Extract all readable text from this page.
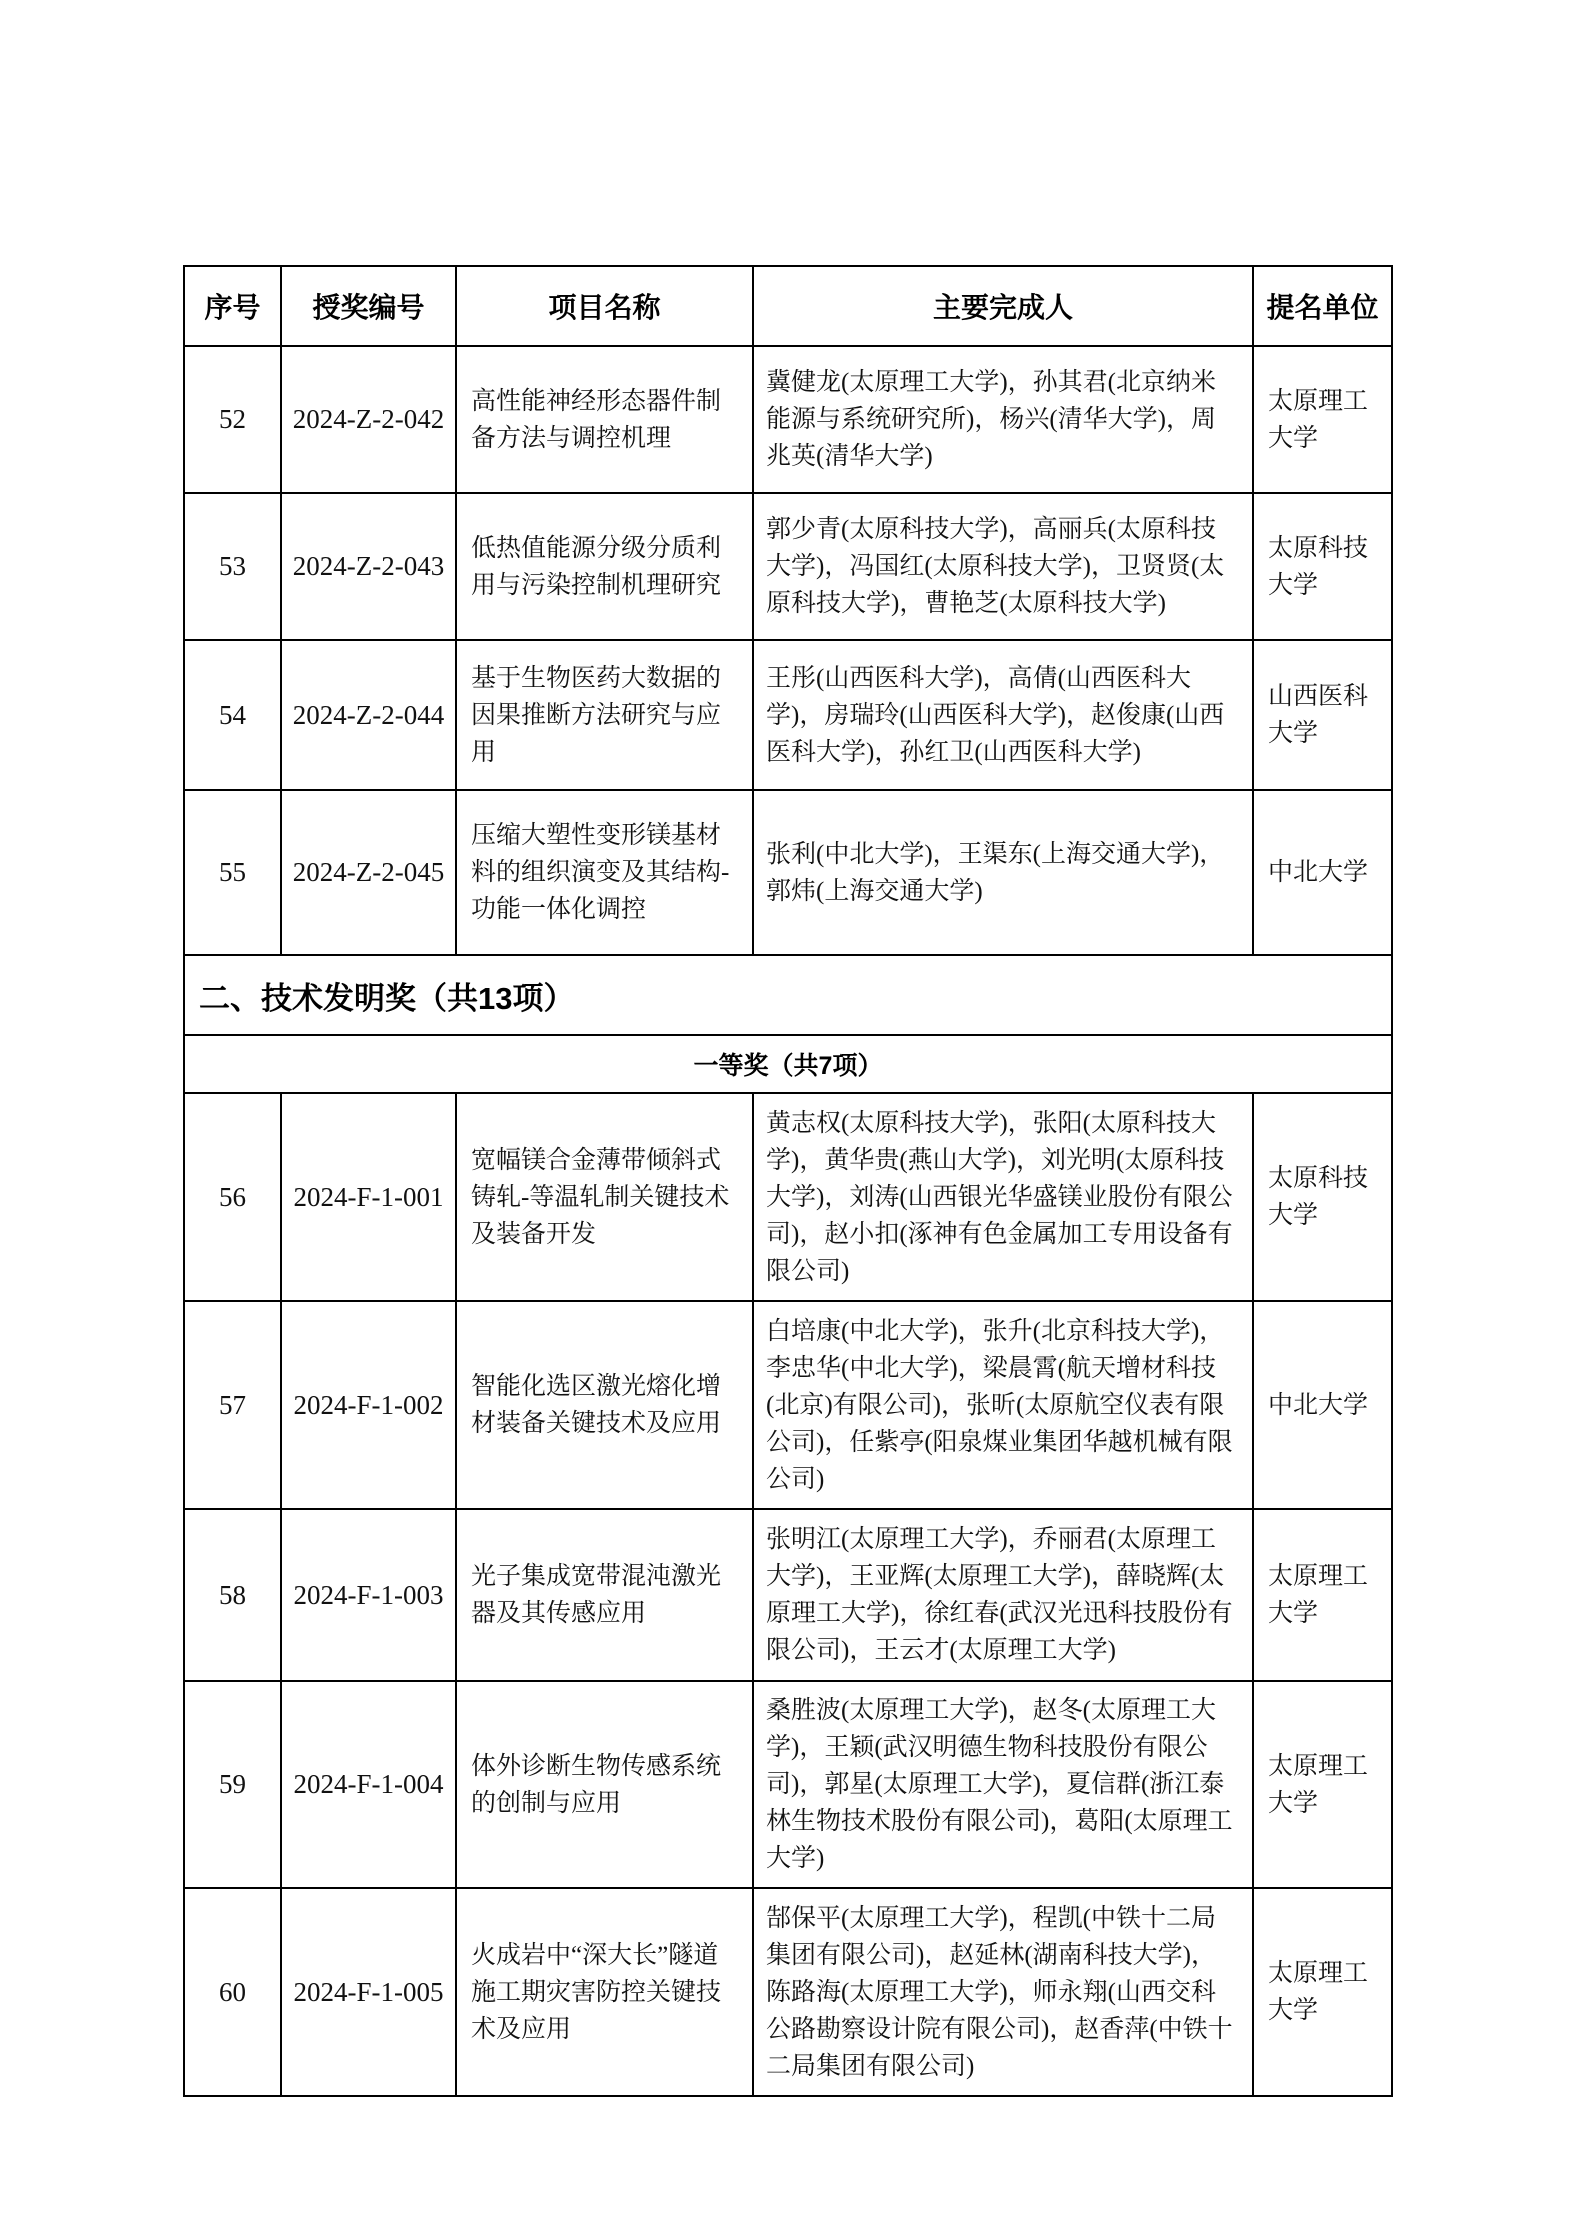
序号	授奖编号	项目名称	主要完成人	提名单位
52	2024-Z-2-042	高性能神经形态器件制备方法与调控机理	冀健龙(太原理工大学)，孙其君(北京纳米能源与系统研究所)，杨兴(清华大学)，周兆英(清华大学)	太原理工大学
53	2024-Z-2-043	低热值能源分级分质利用与污染控制机理研究	郭少青(太原科技大学)，高丽兵(太原科技大学)，冯国红(太原科技大学)，卫贤贤(太原科技大学)，曹艳芝(太原科技大学)	太原科技大学
54	2024-Z-2-044	基于生物医药大数据的因果推断方法研究与应用	王彤(山西医科大学)，高倩(山西医科大学)，房瑞玲(山西医科大学)，赵俊康(山西医科大学)，孙红卫(山西医科大学)	山西医科大学
55	2024-Z-2-045	压缩大塑性变形镁基材料的组织演变及其结构-功能一体化调控	张利(中北大学)，王渠东(上海交通大学)，郭炜(上海交通大学)	中北大学
二、技术发明奖（共13项）				
一等奖（共7项）				
56	2024-F-1-001	宽幅镁合金薄带倾斜式铸轧-等温轧制关键技术及装备开发	黄志权(太原科技大学)，张阳(太原科技大学)，黄华贵(燕山大学)，刘光明(太原科技大学)，刘涛(山西银光华盛镁业股份有限公司)，赵小扣(涿神有色金属加工专用设备有限公司)	太原科技大学
57	2024-F-1-002	智能化选区激光熔化增材装备关键技术及应用	白培康(中北大学)，张升(北京科技大学)，李忠华(中北大学)，梁晨霄(航天增材科技(北京)有限公司)，张昕(太原航空仪表有限公司)，任紫亭(阳泉煤业集团华越机械有限公司)	中北大学
58	2024-F-1-003	光子集成宽带混沌激光器及其传感应用	张明江(太原理工大学)，乔丽君(太原理工大学)，王亚辉(太原理工大学)，薛晓辉(太原理工大学)，徐红春(武汉光迅科技股份有限公司)，王云才(太原理工大学)	太原理工大学
59	2024-F-1-004	体外诊断生物传感系统的创制与应用	桑胜波(太原理工大学)，赵冬(太原理工大学)，王颖(武汉明德生物科技股份有限公司)，郭星(太原理工大学)，夏信群(浙江泰林生物技术股份有限公司)，葛阳(太原理工大学)	太原理工大学
60	2024-F-1-005	火成岩中“深大长”隧道施工期灾害防控关键技术及应用	郜保平(太原理工大学)，程凯(中铁十二局集团有限公司)，赵延林(湖南科技大学)，陈路海(太原理工大学)，师永翔(山西交科公路勘察设计院有限公司)，赵香萍(中铁十二局集团有限公司)	太原理工大学
